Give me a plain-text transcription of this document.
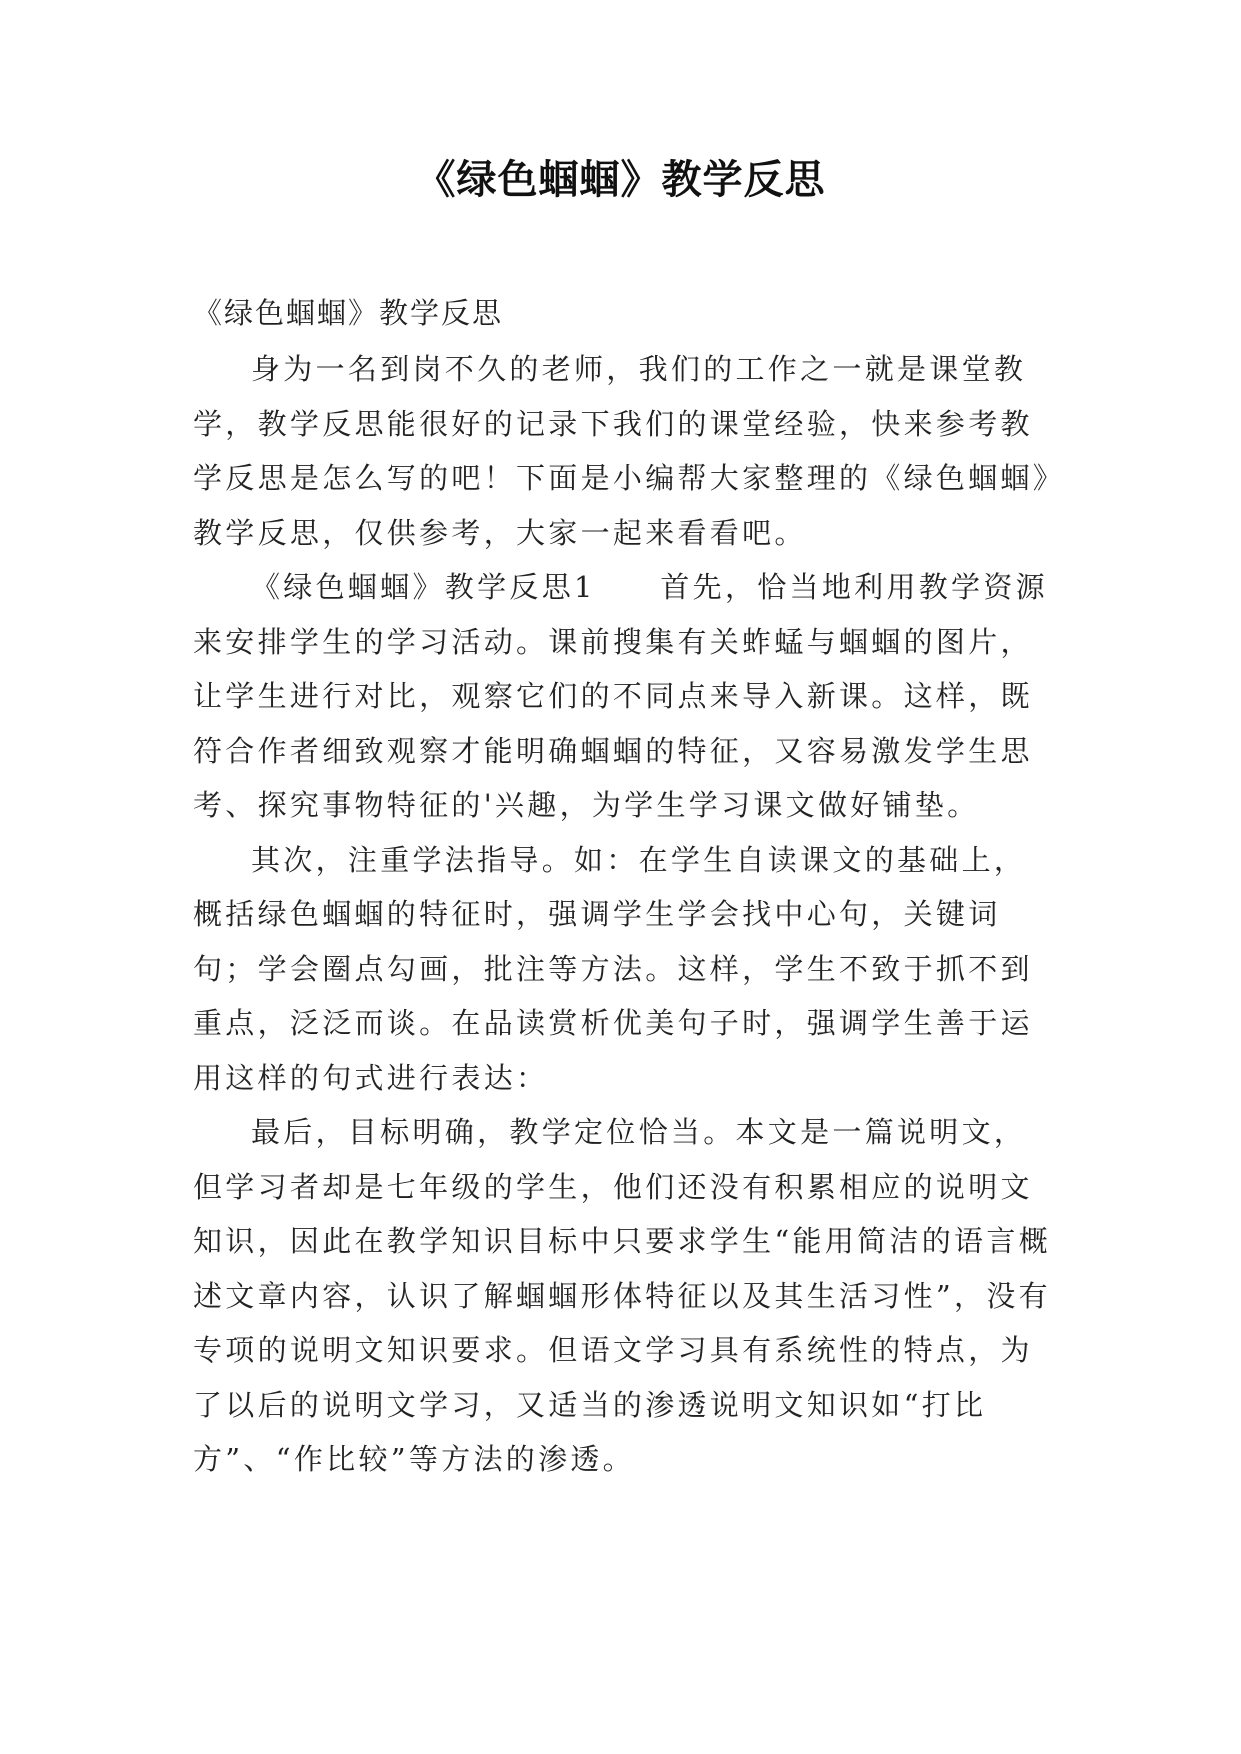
《绿色蝈蝈》教学反思

《绿色蝈蝈》教学反思

身为一名到岗不久的老师，我们的工作之一就是课堂教学，教学反思能很好的记录下我们的课堂经验，快来参考教学反思是怎么写的吧！下面是小编帮大家整理的《绿色蝈蝈》教学反思，仅供参考，大家一起来看看吧。

《绿色蝈蝈》教学反思1　　首先，恰当地利用教学资源来安排学生的学习活动。课前搜集有关蚱蜢与蝈蝈的图片，让学生进行对比，观察它们的不同点来导入新课。这样，既符合作者细致观察才能明确蝈蝈的特征，又容易激发学生思考、探究事物特征的'兴趣，为学生学习课文做好铺垫。

其次，注重学法指导。如：在学生自读课文的基础上，概括绿色蝈蝈的特征时，强调学生学会找中心句，关键词句；学会圈点勾画，批注等方法。这样，学生不致于抓不到重点，泛泛而谈。在品读赏析优美句子时，强调学生善于运用这样的句式进行表达：

最后，目标明确，教学定位恰当。本文是一篇说明文，但学习者却是七年级的学生，他们还没有积累相应的说明文知识，因此在教学知识目标中只要求学生“能用简洁的语言概述文章内容，认识了解蝈蝈形体特征以及其生活习性”，没有专项的说明文知识要求。但语文学习具有系统性的特点，为了以后的说明文学习，又适当的渗透说明文知识如“打比方”、“作比较”等方法的渗透。
